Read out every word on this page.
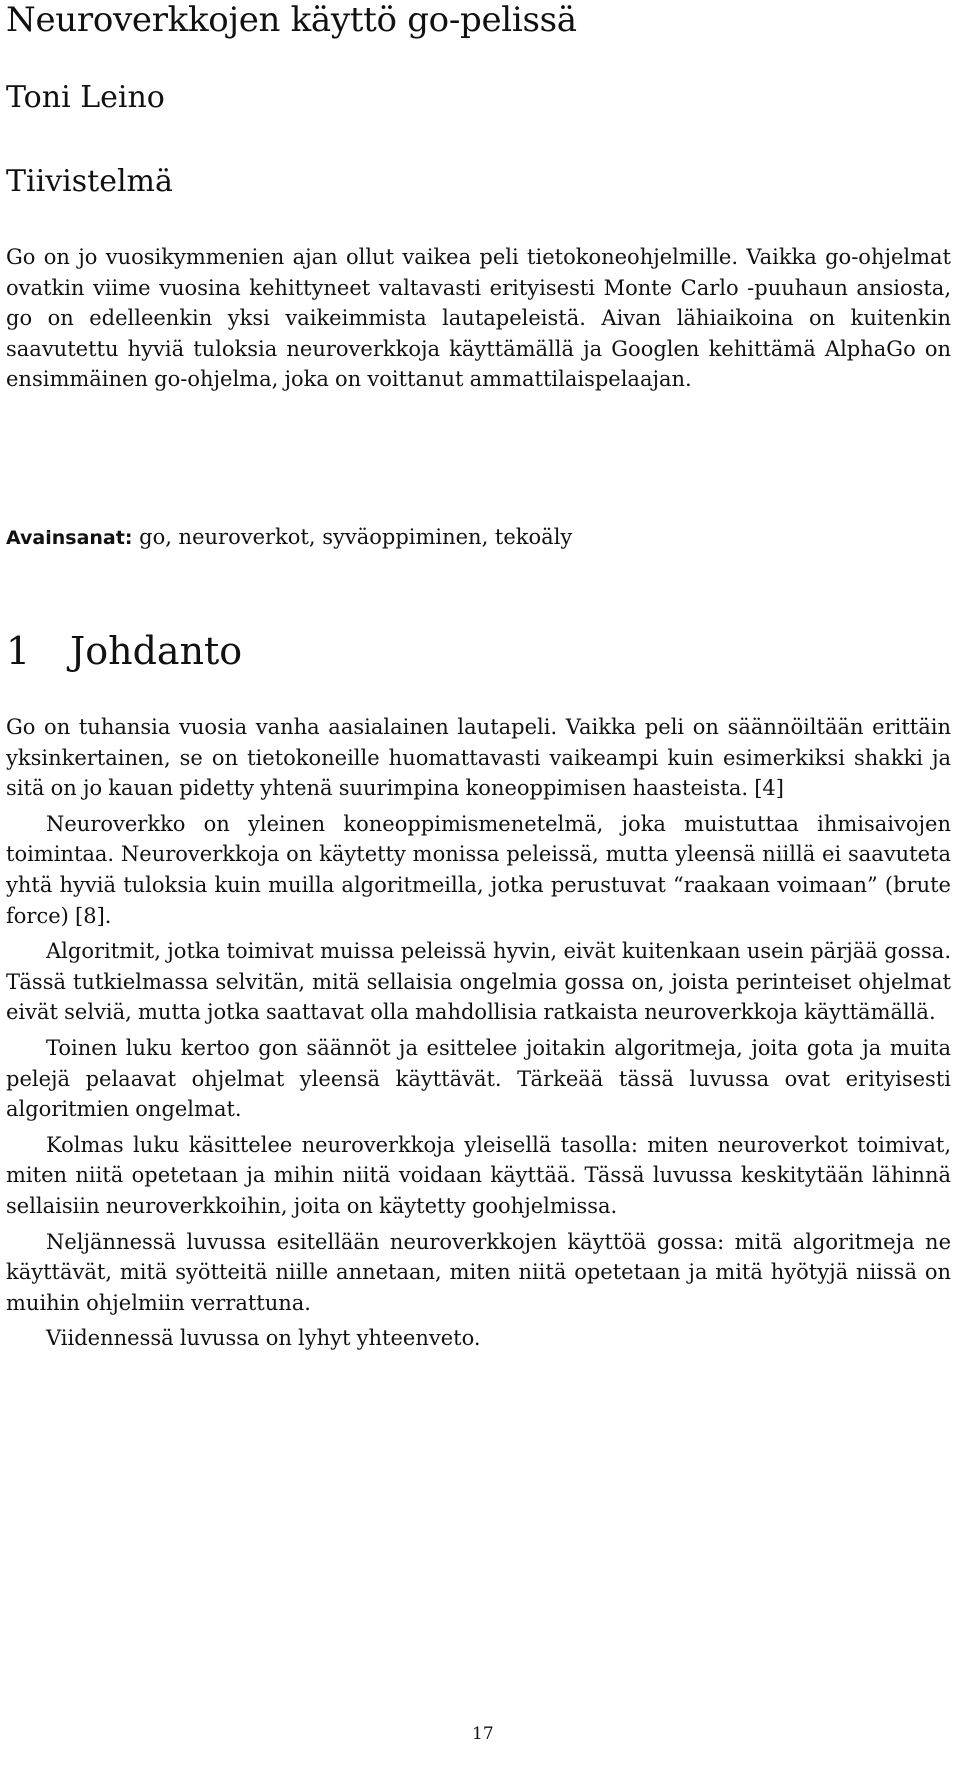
Neuroverkkojen käyttö go-pelissä
Toni Leino
Tiivistelmä

Go on jo vuosikymmenien ajan ollut vaikea peli tietokoneohjelmille. Vaikka go-ohjelmat ovatkin viime vuosina kehittyneet valtavasti erityisesti Monte Carlo -puuhaun ansiosta, go on edelleenkin yksi vaikeimmista lautapeleistä. Aivan lähiaikoina on kuitenkin saavutettu hyviä tuloksia neuroverkkoja käyttämällä ja Googlen kehittämä AlphaGo on ensimmäinen go-ohjelma, joka on voittanut ammattilaispelaajan.

Avainsanat: go, neuroverkot, syväoppiminen, tekoäly

1 Johdanto

Go on tuhansia vuosia vanha aasialainen lautapeli. Vaikka peli on säännöiltään erittäin yksinkertainen, se on tietokoneille huomattavasti vaikeampi kuin esimerkiksi shakki ja sitä on jo kauan pidetty yhtenä suurimpina koneoppimisen haasteista. [4]

Neuroverkko on yleinen koneoppimismenetelmä, joka muistuttaa ihmisaivojen toimintaa. Neuroverkkoja on käytetty monissa peleissä, mutta yleensä niillä ei saavuteta yhtä hyviä tuloksia kuin muilla algoritmeilla, jotka perustuvat “raakaan voimaan” (brute force) [8].

Algoritmit, jotka toimivat muissa peleissä hyvin, eivät kuitenkaan usein pärjää gossa. Tässä tutkielmassa selvitän, mitä sellaisia ongelmia gossa on, joista perinteiset ohjelmat eivät selviä, mutta jotka saattavat olla mahdollisia ratkaista neuroverkkoja käyttämällä.

Toinen luku kertoo gon säännöt ja esittelee joitakin algoritmeja, joita gota ja muita pelejä pelaavat ohjelmat yleensä käyttävät. Tärkeää tässä luvussa ovat erityisesti algoritmien ongelmat.

Kolmas luku käsittelee neuroverkkoja yleisellä tasolla: miten neuroverkot toimivat, miten niitä opetetaan ja mihin niitä voidaan käyttää. Tässä luvussa keskitytään lähinnä sellaisiin neuroverkkoihin, joita on käytetty goohjelmissa.

Neljännessä luvussa esitellään neuroverkkojen käyttöä gossa: mitä algoritmeja ne käyttävät, mitä syötteitä niille annetaan, miten niitä opetetaan ja mitä hyötyjä niissä on muihin ohjelmiin verrattuna.

Viidennessä luvussa on lyhyt yhteenveto.

17
